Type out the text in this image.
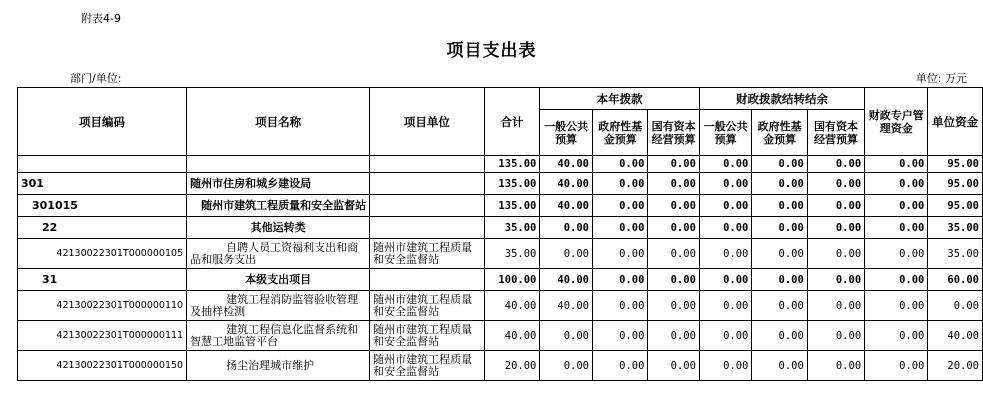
附表4-9
项目支出表
部门/单位:	单位: 万元
项目编码	项目名称	项目单位	合计	本年拨款			财政拨款结转结余			财政专户管理资金	单位资金
				一般公共预算	政府性基金预算	国有资本经营预算	一般公共预算	政府性基金预算	国有资本经营预算		
			135.00	40.00	0.00	0.00	0.00	0.00	0.00	0.00	95.00
301	随州市住房和城乡建设局		135.00	40.00	0.00	0.00	0.00	0.00	0.00	0.00	95.00
301015	随州市建筑工程质量和安全监督站		135.00	40.00	0.00	0.00	0.00	0.00	0.00	0.00	95.00
22	其他运转类		35.00	0.00	0.00	0.00	0.00	0.00	0.00	0.00	35.00
42130022301T000000105	自聘人员工资福利支出和商品和服务支出	随州市建筑工程质量和安全监督站	35.00	0.00	0.00	0.00	0.00	0.00	0.00	0.00	35.00
31	本级支出项目		100.00	40.00	0.00	0.00	0.00	0.00	0.00	0.00	60.00
42130022301T000000110	建筑工程消防监管验收管理及抽样检测	随州市建筑工程质量和安全监督站	40.00	40.00	0.00	0.00	0.00	0.00	0.00	0.00	0.00
42130022301T000000111	建筑工程信息化监督系统和智慧工地监管平台	随州市建筑工程质量和安全监督站	40.00	0.00	0.00	0.00	0.00	0.00	0.00	0.00	40.00
42130022301T000000150	扬尘治理城市维护	随州市建筑工程质量和安全监督站	20.00	0.00	0.00	0.00	0.00	0.00	0.00	0.00	20.00
